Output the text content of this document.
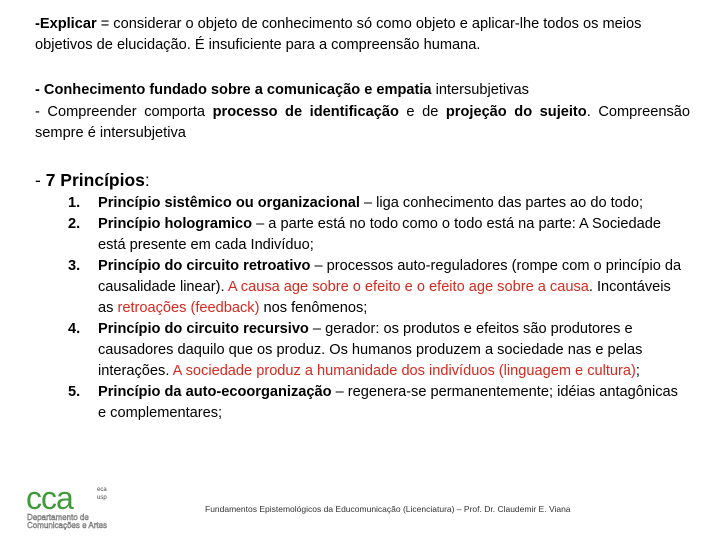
-Explicar = considerar o objeto de conhecimento só como objeto e aplicar-lhe todos os meios objetivos de elucidação. É insuficiente para a compreensão humana.
- Conhecimento fundado sobre a comunicação e empatia intersubjetivas
- Compreender comporta processo de identificação e de projeção do sujeito. Compreensão sempre é intersubjetiva
- 7 Princípios:
1. Princípio sistêmico ou organizacional – liga conhecimento das partes ao do todo;
2. Princípio hologramico – a parte está no todo como o todo está na parte: A Sociedade está presente em cada Indivíduo;
3. Princípio do circuito retroativo – processos auto-reguladores (rompe com o princípio da causalidade linear). A causa age sobre o efeito e o efeito age sobre a causa. Incontáveis as retroações (feedback) nos fenômenos;
4. Princípio do circuito recursivo – gerador: os produtos e efeitos são produtores e causadores daquilo que os produz. Os humanos produzem a sociedade nas e pelas interações. A sociedade produz a humanidade dos indivíduos (linguagem e cultura);
5. Princípio da auto-ecoorganização – regenera-se permanentemente; idéias antagônicas e complementares;
cca	eca
usp
Departamento de
Comunicações e Artes
Fundamentos Epistemológicos da Educomunicação (Licenciatura) – Prof. Dr. Claudemir E. Viana
